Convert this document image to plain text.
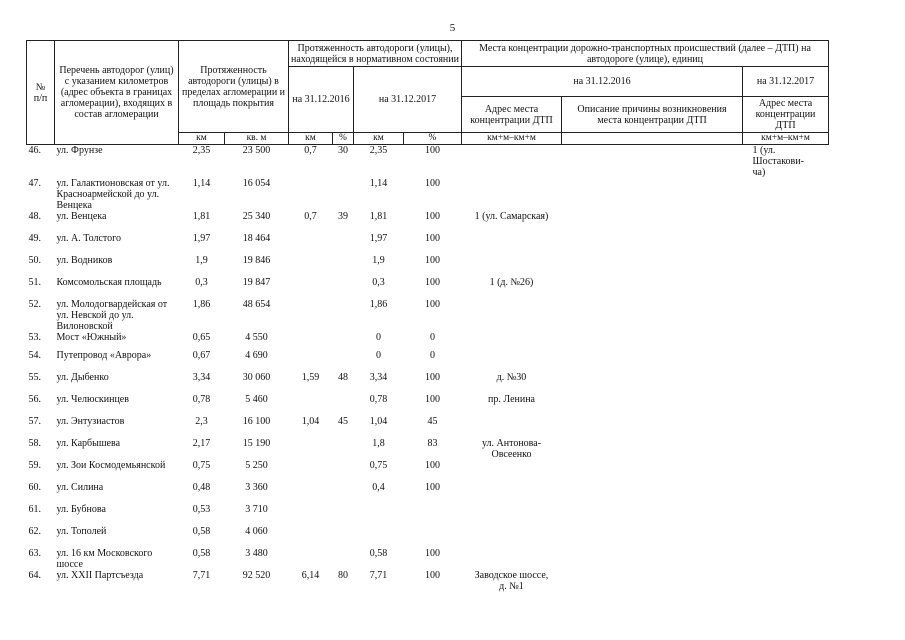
5
№
п/п	Перечень автодорог (улиц) с указанием километров (адрес объекта в границах агломерации), входящих в состав агломерации	Протяженность автодороги (улицы) в пределах агломерации и площадь покрытия		Протяженность автодороги (улицы), находящейся в нормативном состоянии				Места концентрации дорожно-транспортных происшествий (далее – ДТП) на автодороге (улице), единиц		
				на 31.12.2016		на 31.12.2017		на 31.12.2016		на 31.12.2017
								Адрес места концентрации ДТП	Описание причины возникновения места концентрации ДТП	Адрес места концентрации ДТП
		км	кв. м	км	%	км	%	км+м–км+м		км+м–км+м
46.	ул. Фрунзе	2,35	23 500	0,7	30	2,35	100			1 (ул. Шостакови-
ча)
47.	ул. Галактионовская от ул. Красноармейской до ул. Венцека	1,14	16 054			1,14	100			
48.	ул. Венцека	1,81	25 340	0,7	39	1,81	100	1 (ул. Самарская)		
49.	ул. А. Толстого	1,97	18 464			1,97	100			
50.	ул. Водников	1,9	19 846			1,9	100			
51.	Комсомольская площадь	0,3	19 847			0,3	100	1 (д. №26)		
52.	ул. Молодогвардейская от ул. Невской до ул. Вилоновской	1,86	48 654			1,86	100			
53.	Мост «Южный»	0,65	4 550			0	0			
54.	Путепровод «Аврора»	0,67	4 690			0	0			
55.	ул. Дыбенко	3,34	30 060	1,59	48	3,34	100	д. №30		
56.	ул. Челюскинцев	0,78	5 460			0,78	100	пр. Ленина		
57.	ул. Энтузиастов	2,3	16 100	1,04	45	1,04	45			
58.	ул. Карбышева	2,17	15 190			1,8	83	ул. Антонова-
Овсеенко		
59.	ул. Зои Космодемьянской	0,75	5 250			0,75	100			
60.	ул. Силина	0,48	3 360			0,4	100			
61.	ул. Бубнова	0,53	3 710							
62.	ул. Тополей	0,58	4 060							
63.	ул. 16 км Московского шоссе	0,58	3 480			0,58	100			
64.	ул. XXII Партсъезда	7,71	92 520	6,14	80	7,71	100	Заводское шоссе,
д. №1		
